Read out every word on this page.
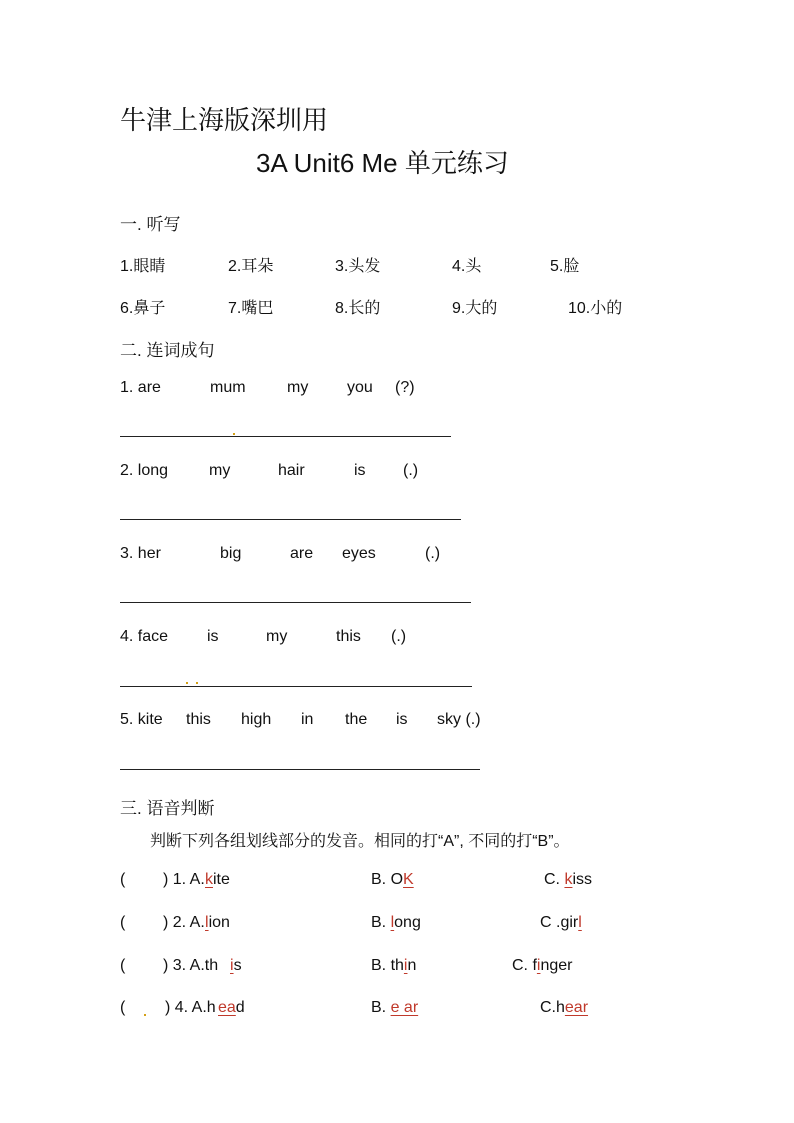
牛津上海版深圳用
3A Unit6 Me 单元练习
一. 听写
1.眼睛	2.耳朵	3.头发	4.头	5.脸
6.鼻子	7.嘴巴	8.长的	9.大的	10.小的
二. 连词成句
1. are	mum	my you (?)
2. long	my	hair	is (.)
3. her	big	are eyes	(.)
4. face is	my	this (.)
5. kite this high in the is sky (.)
三. 语音判断
判断下列各组划线部分的发音。相同的打“A”, 不同的打“B”。
( ) 1. A. kite	B. OK	C. kiss
( ) 2. A. lion	B. long	C .girl
( ) 3. A.th is	B. thin	C. finger
( ) 4. A.h ead	B. e ar	C.hear
